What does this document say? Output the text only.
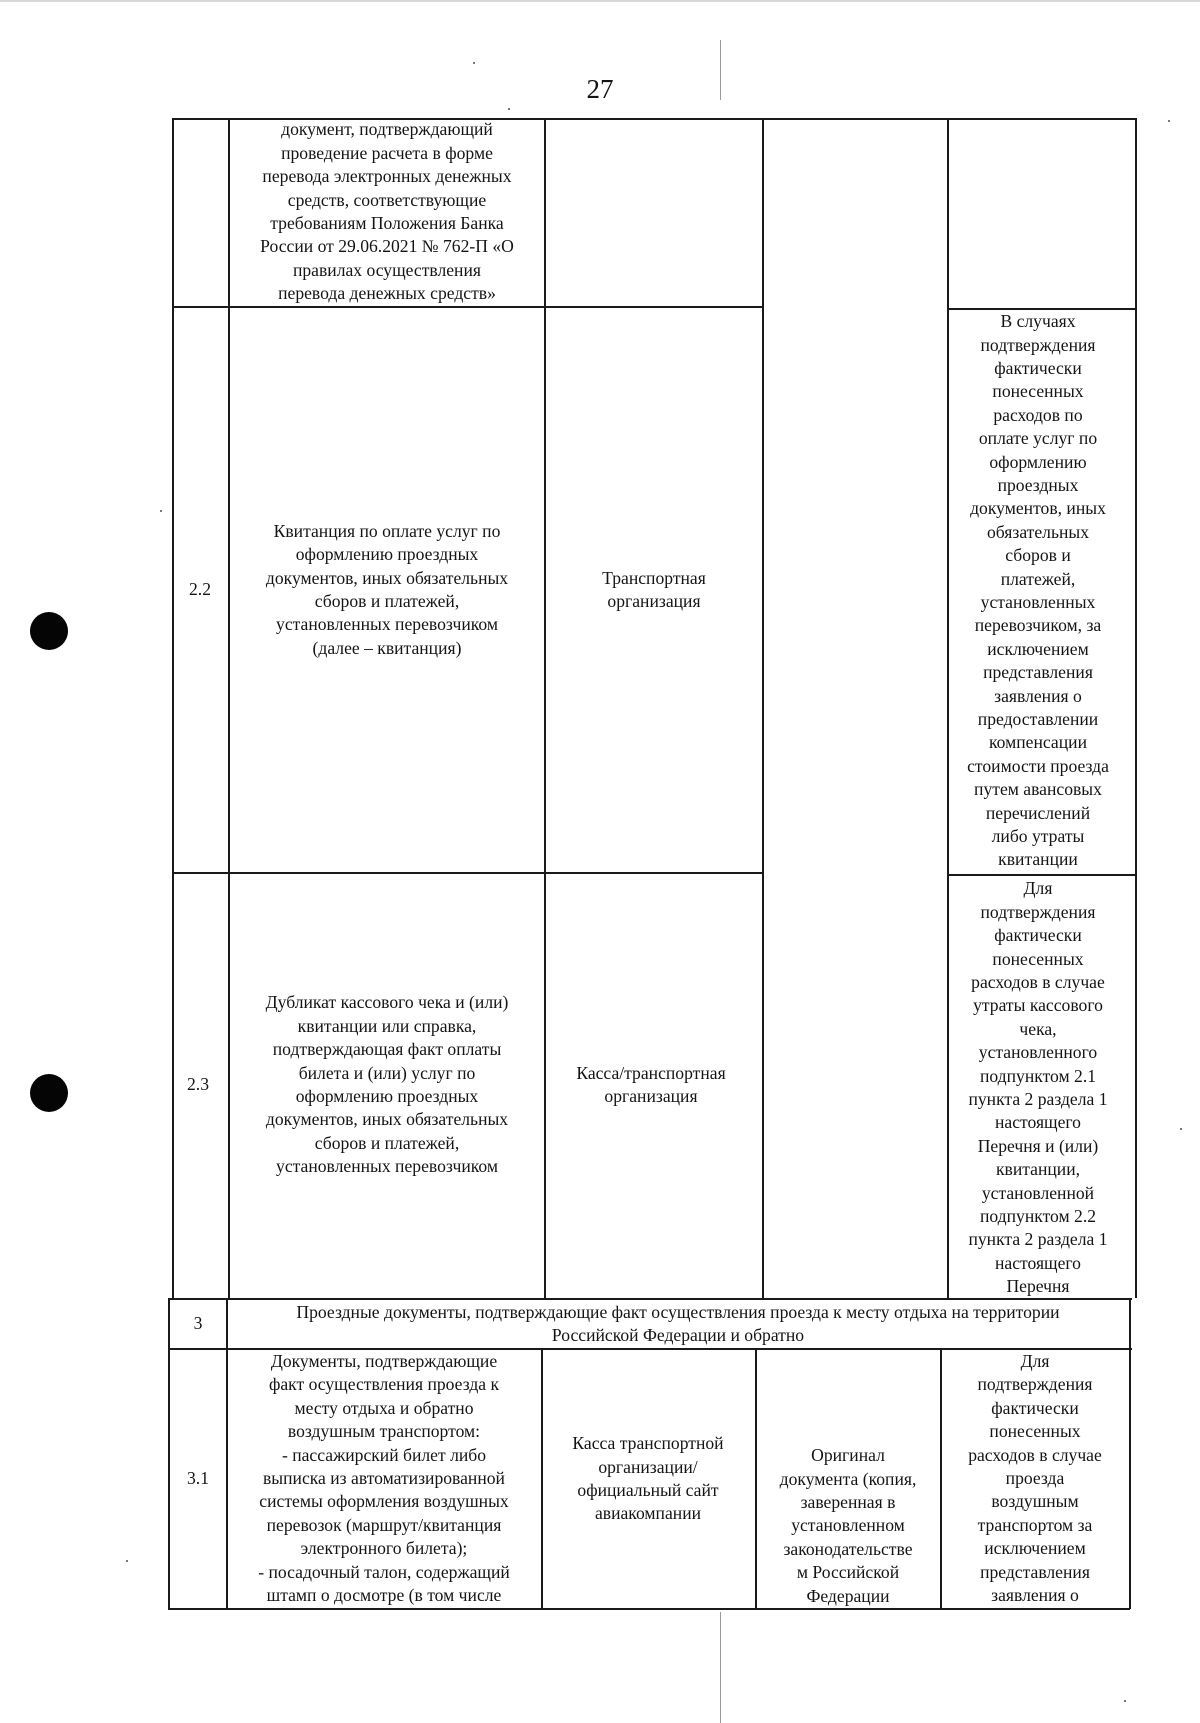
27
документ, подтверждающий
проведение расчета в форме
перевода электронных денежных
средств, соответствующие
требованиям Положения Банка
России от 29.06.2021 № 762-П «О
правилах осуществления
перевода денежных средств»
2.2
Квитанция по оплате услуг по
оформлению проездных
документов, иных обязательных
сборов и платежей,
установленных перевозчиком
(далее – квитанция)
Транспортная
организация
В случаях
подтверждения
фактически
понесенных
расходов по
оплате услуг по
оформлению
проездных
документов, иных
обязательных
сборов и
платежей,
установленных
перевозчиком, за
исключением
представления
заявления о
предоставлении
компенсации
стоимости проезда
путем авансовых
перечислений
либо утраты
квитанции
2.3
Дубликат кассового чека и (или)
квитанции или справка,
подтверждающая факт оплаты
билета и (или) услуг по
оформлению проездных
документов, иных обязательных
сборов и платежей,
установленных перевозчиком
Касса/транспортная
организация
Для
подтверждения
фактически
понесенных
расходов в случае
утраты кассового
чека,
установленного
подпунктом 2.1
пункта 2 раздела 1
настоящего
Перечня и (или)
квитанции,
установленной
подпунктом 2.2
пункта 2 раздела 1
настоящего
Перечня
3
Проездные документы, подтверждающие факт осуществления проезда к месту отдыха на территории
Российской Федерации и обратно
3.1
Документы, подтверждающие
факт осуществления проезда к
месту отдыха и обратно
воздушным транспортом:
- пассажирский билет либо
выписка из автоматизированной
системы оформления воздушных
перевозок (маршрут/квитанция
электронного билета);
- посадочный талон, содержащий
штамп о досмотре (в том числе
Касса транспортной
организации/
официальный сайт
авиакомпании
Оригинал
документа (копия,
заверенная в
установленном
законодательстве
м Российской
Федерации
Для
подтверждения
фактически
понесенных
расходов в случае
проезда
воздушным
транспортом за
исключением
представления
заявления о
